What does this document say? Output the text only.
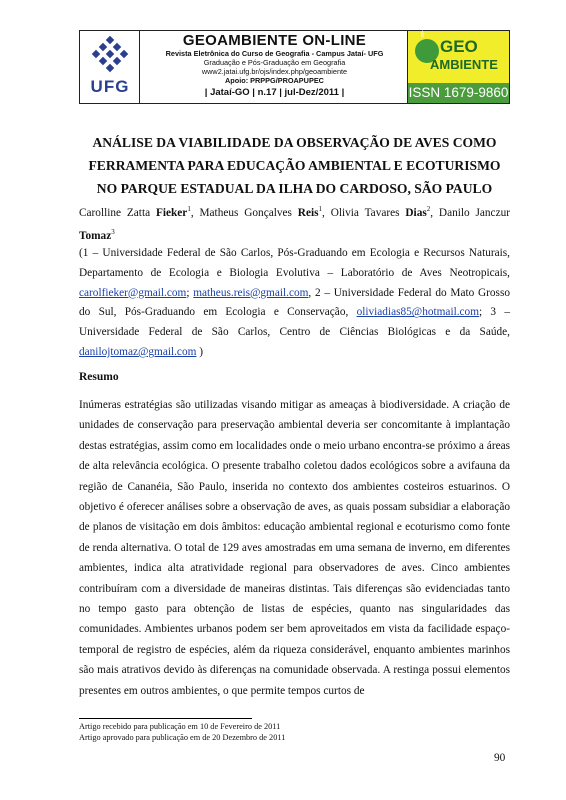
UFG
GEOAMBIENTE ON-LINE
Revista Eletrônica do Curso de Geografia - Campus Jataí- UFG
Graduação e Pós-Graduação em Geografia
www2.jatai.ufg.br/ojs/index.php/geoambiente
Apoio: PRPPG/PROAPUPEC
| Jataí-GO | n.17 | jul-Dez/2011 |
on-line
GEO
AMBIENTE
ISSN 1679-9860
ANÁLISE DA VIABILIDADE DA OBSERVAÇÃO DE AVES COMO
FERRAMENTA PARA EDUCAÇÃO AMBIENTAL E ECOTURISMO
NO PARQUE ESTADUAL DA ILHA DO CARDOSO, SÃO PAULO
Carolline Zatta Fieker$^1$, Matheus Gonçalves Reis$^1$, Olivia Tavares Dias$^2$, Danilo Janczur Tomaz$^3$
(1 – Universidade Federal de São Carlos, Pós-Graduando em Ecologia e Recursos Naturais, Departamento de Ecologia e Biologia Evolutiva – Laboratório de Aves Neotropicais, carolfieker@gmail.com; matheus.reis@gmail.com, 2 – Universidade Federal do Mato Grosso do Sul, Pós-Graduando em Ecologia e Conservação, oliviadias85@hotmail.com; 3 – Universidade Federal de São Carlos, Centro de Ciências Biológicas e da Saúde, danilojtomaz@gmail.com )
Resumo
Inúmeras estratégias são utilizadas visando mitigar as ameaças à biodiversidade. A criação de unidades de conservação para preservação ambiental deveria ser concomitante à implantação destas estratégias, assim como em localidades onde o meio urbano encontra-se próximo a áreas de alta relevância ecológica. O presente trabalho coletou dados ecológicos sobre a avifauna da região de Cananéia, São Paulo, inserida no contexto dos ambientes costeiros estuarinos. O objetivo é oferecer análises sobre a observação de aves, as quais possam subsidiar a elaboração de planos de visitação em dois âmbitos: educação ambiental regional e ecoturismo como fonte de renda alternativa. O total de 129 aves amostradas em uma semana de inverno, em diferentes ambientes, indica alta atratividade regional para observadores de aves. Cinco ambientes contribuíram com a diversidade de maneiras distintas. Tais diferenças são evidenciadas tanto no tempo gasto para obtenção de listas de espécies, quanto nas singularidades das comunidades. Ambientes urbanos podem ser bem aproveitados em vista da facilidade espaço-temporal de registro de espécies, além da riqueza considerável, enquanto ambientes marinhos são mais atrativos devido às diferenças na comunidade observada. A restinga possui elementos presentes em outros ambientes, o que permite tempos curtos de
Artigo recebido para publicação em 10 de Fevereiro de 2011
Artigo aprovado para publicação em de 20 Dezembro de 2011
90
